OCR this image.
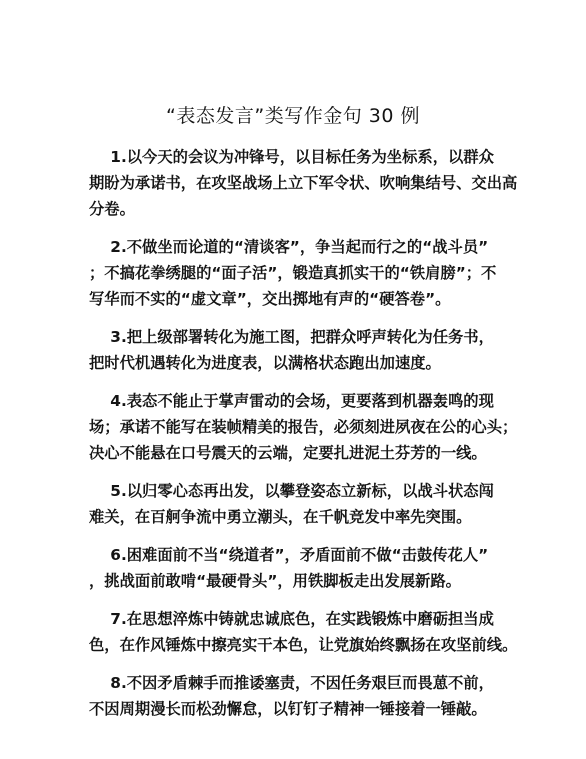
“表态发言”类写作金句 30 例
1.以今天的会议为冲锋号，以目标任务为坐标系，以群众
期盼为承诺书，在攻坚战场上立下军令状、吹响集结号、交出高
分卷。
2.不做坐而论道的“清谈客”，争当起而行之的“战斗员”
；不搞花拳绣腿的“面子活”，锻造真抓实干的“铁肩膀”；不
写华而不实的“虚文章”，交出掷地有声的“硬答卷”。
3.把上级部署转化为施工图，把群众呼声转化为任务书，
把时代机遇转化为进度表，以满格状态跑出加速度。
4.表态不能止于掌声雷动的会场，更要落到机器轰鸣的现
场；承诺不能写在装帧精美的报告，必须刻进夙夜在公的心头；
决心不能悬在口号震天的云端，定要扎进泥土芬芳的一线。
5.以归零心态再出发，以攀登姿态立新标，以战斗状态闯
难关，在百舸争流中勇立潮头，在千帆竞发中率先突围。
6.困难面前不当“绕道者”，矛盾面前不做“击鼓传花人”
，挑战面前敢啃“最硬骨头”，用铁脚板走出发展新路。
7.在思想淬炼中铸就忠诚底色，在实践锻炼中磨砺担当成
色，在作风锤炼中擦亮实干本色，让党旗始终飘扬在攻坚前线。
8.不因矛盾棘手而推诿塞责，不因任务艰巨而畏葸不前，
不因周期漫长而松劲懈怠，以钉钉子精神一锤接着一锤敲。
